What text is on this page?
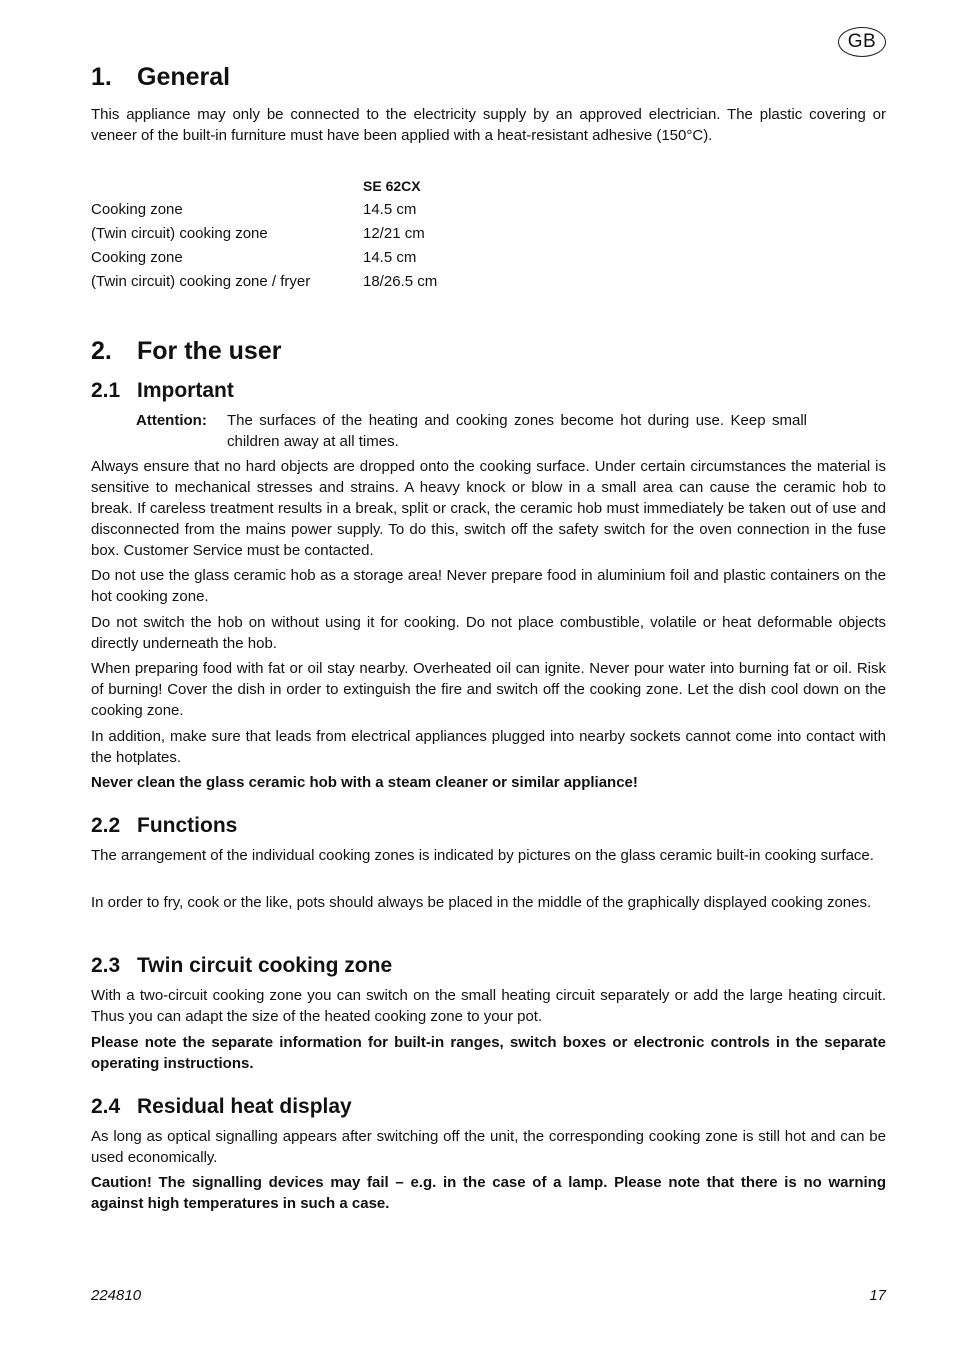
GB
1. General

This appliance may only be connected to the electricity supply by an approved electrician. The plastic covering or veneer of the built-in furniture must have been applied with a heat-resistant adhesive (150°C).

SE 62CX
Cooking zone	14.5 cm
(Twin circuit) cooking zone	12/21 cm
Cooking zone	14.5 cm
(Twin circuit) cooking zone / fryer	18/26.5 cm
2. For the user
2.1 Important
Attention: The surfaces of the heating and cooking zones become hot during use. Keep small children away at all times.

Always ensure that no hard objects are dropped onto the cooking surface. Under certain circumstances the material is sensitive to mechanical stresses and strains. A heavy knock or blow in a small area can cause the ceramic hob to break. If careless treatment results in a break, split or crack, the ceramic hob must immediately be taken out of use and disconnected from the mains power supply. To do this, switch off the safety switch for the oven connection in the fuse box. Customer Service must be contacted.

Do not use the glass ceramic hob as a storage area! Never prepare food in aluminium foil and plastic containers on the hot cooking zone.

Do not switch the hob on without using it for cooking. Do not place combustible, volatile or heat deformable objects directly underneath the hob.

When preparing food with fat or oil stay nearby. Overheated oil can ignite. Never pour water into burning fat or oil. Risk of burning! Cover the dish in order to extinguish the fire and switch off the cooking zone. Let the dish cool down on the cooking zone.

In addition, make sure that leads from electrical appliances plugged into nearby sockets cannot come into contact with the hotplates.

Never clean the glass ceramic hob with a steam cleaner or similar appliance!

2.2 Functions

The arrangement of the individual cooking zones is indicated by pictures on the glass ceramic built-in cooking surface.

In order to fry, cook or the like, pots should always be placed in the middle of the graphically displayed cooking zones.

2.3 Twin circuit cooking zone

With a two-circuit cooking zone you can switch on the small heating circuit separately or add the large heating circuit. Thus you can adapt the size of the heated cooking zone to your pot.

Please note the separate information for built-in ranges, switch boxes or electronic controls in the separate operating instructions.

2.4 Residual heat display

As long as optical signalling appears after switching off the unit, the corresponding cooking zone is still hot and can be used economically.

Caution! The signalling devices may fail – e.g. in the case of a lamp. Please note that there is no warning against high temperatures in such a case.

224810	17
